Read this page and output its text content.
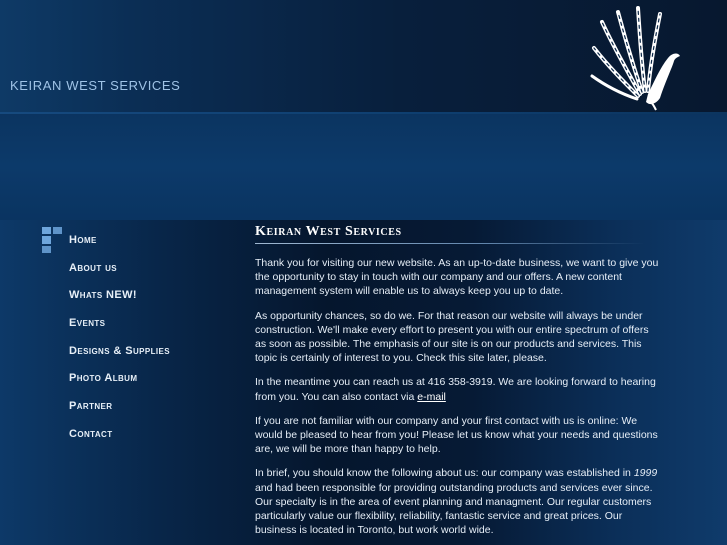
KEIRAN WEST SERVICES
Home
About us
Whats NEW!
Events
Designs & Supplies
Photo Album
Partner
Contact
Keiran West Services

Thank you for visiting our new website. As an up-to-date business, we want to give you the opportunity to stay in touch with our company and our offers. A new content management system will enable us to always keep you up to date.

As opportunity chances, so do we. For that reason our website will always be under construction. We'll make every effort to present you with our entire spectrum of offers as soon as possible. The emphasis of our site is on our products and services. This topic is certainly of interest to you. Check this site later, please.

In the meantime you can reach us at 416 358-3919. We are looking forward to hearing from you. You can also contact via e-mail

If you are not familiar with our company and your first contact with us is online: We would be pleased to hear from you! Please let us know what your needs and questions are, we will be more than happy to help.

In brief, you should know the following about us: our company was established in 1999 and had been responsible for providing outstanding products and services ever since. Our specialty is in the area of event planning and managment. Our regular customers particularly value our flexibility, reliability, fantastic service and great prices. Our business is located in Toronto, but work world wide.
